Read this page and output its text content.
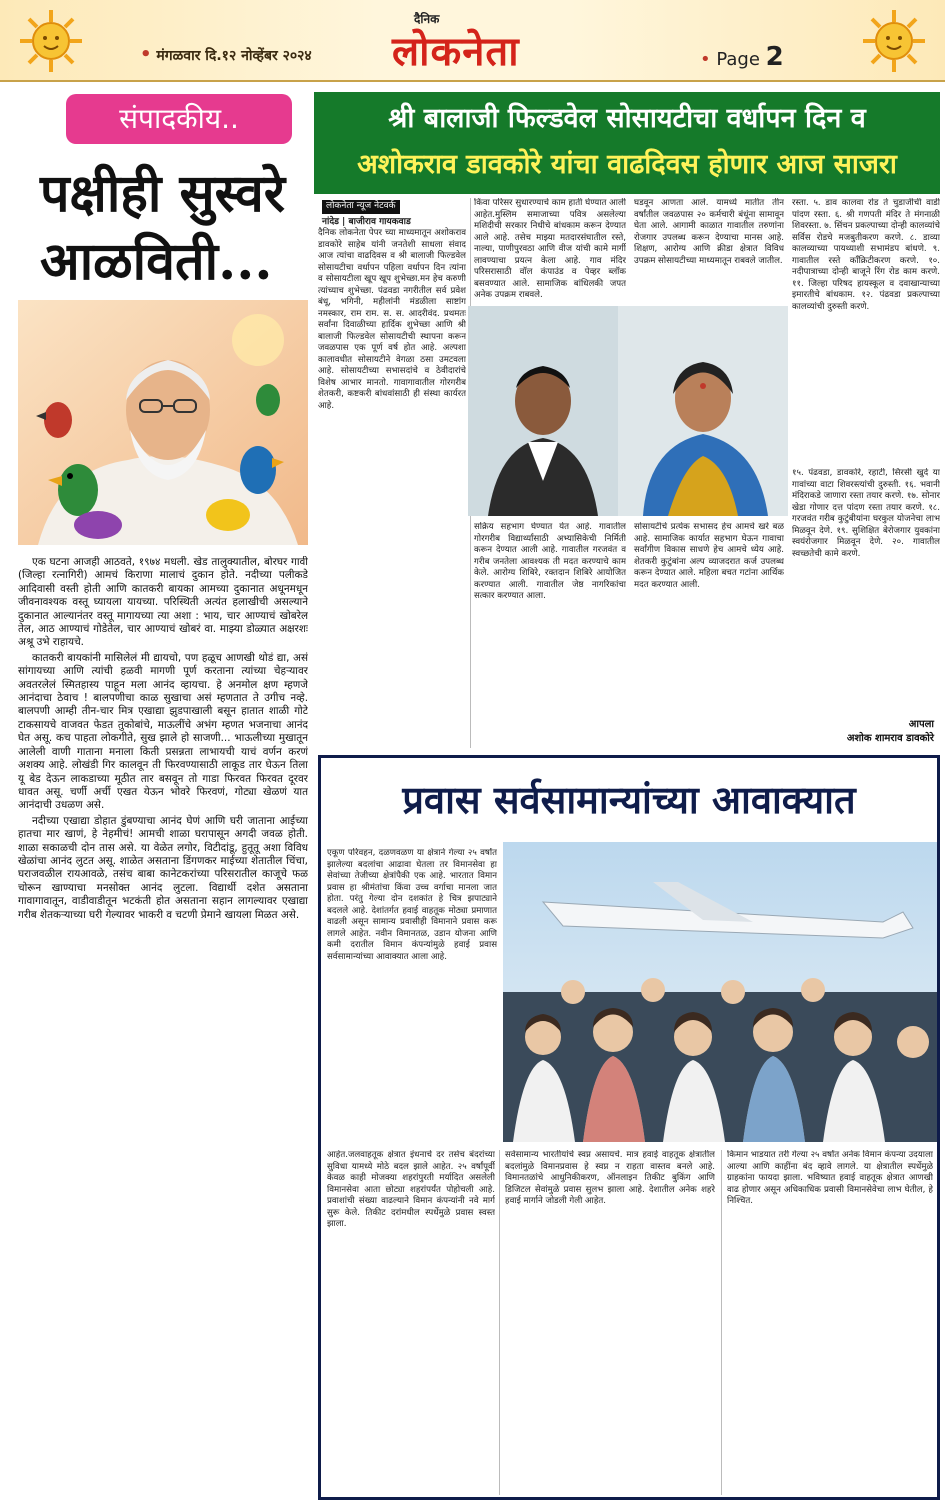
• मंगळवार दि.१२ नोव्हेंबर २०२४
दैनिक
लोकनेता	• Page 2
संपादकीय..
पक्षीही सुस्वरे
आळविती...

एक घटना आजही आठवते, १९७४ मधली. खेड तालुक्यातील, बोरघर गावी (जिल्हा रत्नागिरी) आमचं किराणा मालाचं दुकान होते. नदीच्या पलीकडे आदिवासी वस्ती होती आणि कातकरी बायका आमच्या दुकानात अधूनमधून जीवनावश्यक वस्तू घ्यायला यायच्या. परिस्थिती अत्यंत हलाखीची असल्याने दुकानात आल्यानंतर वस्तू मागायच्या त्या अशा : भाय, चार आण्याचं खोबरेल तेल, आठ आण्याचं गोडेतेल, चार आण्याचं खोबरं वा. माझ्या डोळ्यात अक्षरशः अश्रू उभे राहायचे.

कातकरी बायकांनी मासिलेलं मी द्यायचो, पण हळूच आणखी थोडं द्या, असं सांगायच्या आणि त्यांची हळवी मागणी पूर्ण करताना त्यांच्या चेहऱ्यावर अवतरलेलं स्मितहास्य पाहून मला आनंद व्हायचा. हे अनमोल क्षण म्हणजे आनंदाचा ठेवाच ! बालपणीचा काळ सुखाचा असं म्हणतात ते उगीच नव्हे. बालपणी आम्ही तीन-चार मित्र एखाद्या झुडपाखाली बसून हातात शाळी गोटे टाकसायचे वाजवत फेडत तुकोबांचे, माऊलींचे अभंग म्हणत भजनाचा आनंद घेत असू. कच पाहता लोकगीते, सुख झाले हो साजणी... भाऊलीच्या मुखातून आलेली वाणी गाताना मनाला किती प्रसन्नता लाभायची याचं वर्णन करणं अशक्य आहे. लोखंडी गिर कालवून ती फिरवण्यासाठी लाकूड तार घेऊन तिला यू बेड देऊन लाकडाच्या मूठीत तार बसवून तो गाडा फिरवत फिरवत दूरवर धावत असू. चर्णी अर्ची एखत येऊन भोवरे फिरवणं, गोट्या खेळणं यात आनंदाची उधळण असे.

नदीच्या एखाद्या डोहात डुंबण्याचा आनंद घेणं आणि घरी जाताना आईच्या हातचा मार खाणं, हे नेहमीचं! आमची शाळा घरापासून अगदी जवळ होती. शाळा सकाळची दोन तास असे. या वेळेत लगोर, विटीदांडू, हुतूतू अशा विविध खेळांचा आनंद लुटत असू. शाळेत असताना डिंगणकर माईच्या शेतातील चिंचा, घराजवळील रायआवळे, तसंच बाबा कानेटकरांच्या परिसरातील काजूचे फळ चोरून खाण्याचा मनसोक्त आनंद लुटला. विद्यार्थी दशेत असताना गावागावातून, वाडीवाडीतून भटकंती होत असताना सहान लागल्यावर एखाद्या गरीब शेतकऱ्याच्या घरी गेल्यावर भाकरी व चटणी प्रेमाने खायला मिळत असे.

श्री बालाजी फिल्डवेल सोसायटीचा वर्धापन दिन व
अशोकराव डावकोरे यांचा वाढदिवस होणार आज साजरा
लोकनेता न्यूज नेटवर्क
नांदेड | बाजीराव गायकवाड
दैनिक लोकनेता पेपर च्या माध्यमातून अशोकराव डावकोरे साहेब यांनी जनतेशी साधला संवाद आज त्यांचा वाढदिवस व श्री बालाजी फिल्डवेल सोसायटीचा वर्धापन पहिला वर्धापन दिन त्यांना व सोसायटीला खूप खूप शुभेच्छा.मन हेच करुणी त्यांच्याच शुभेच्छा. पंढवडा नगरीतील सर्व प्रवेश बंधू, भगिनी, महीलांनी मंडळीला साष्टांग नमस्कार, राम राम. स. स. आदरीवंद. प्रथमतः सर्वांना दिवाळीच्या हार्दिक शुभेच्छा आणि श्री बालाजी फिल्डवेल सोसायटीची स्थापना करून जवळपास एक पूर्ण वर्ष होत आहे. अल्पशा कालावधीत सोसायटीने वेगळा ठसा उमटवला आहे. सोसायटीच्या सभासदांचे व ठेवीदारांचे विशेष आभार मानतो. गावागावातील गोरगरीब शेतकरी, कष्टकरी बांधवांसाठी ही संस्था कार्यरत आहे.
किंवा परिसर सुधारण्याचे काम हाती घेण्यात आली आहेत.मुस्लिम समाजाच्या पवित्र असलेल्या मशिदीची सरकार निधीचे बांधकाम करून देण्यात आले आहे. तसेच माझ्या मतदारसंघातील रस्ते, नाल्या, पाणीपुरवठा आणि वीज यांची कामे मार्गी लावण्याचा प्रयत्न केला आहे. गाव मंदिर परिसरासाठी वॉल कंपाउंड व पेव्हर ब्लॉक बसवण्यात आले. सामाजिक बांधिलकी जपत अनेक उपक्रम राबवले.
घडवून आणता आले. यामध्ये मातीत तीन वर्षांतील जवळपास २० कर्मचारी बंधूंना सामावून घेता आले. आगामी काळात गावातील तरुणांना रोजगार उपलब्ध करून देण्याचा मानस आहे. शिक्षण, आरोग्य आणि क्रीडा क्षेत्रात विविध उपक्रम सोसायटीच्या माध्यमातून राबवले जातील.
रस्ता. ५. डाव कालवा रोड ते चुडाजीची वाडी पांदण रस्ता. ६. श्री गणपती मंदिर ते मंगनाळी शिवरस्ता. ७. सिंचन प्रकल्पाच्या दोन्ही कालव्यांचे सर्विस रोडचे मजबुतीकरण करणे. ८. डाव्या कालव्याच्या पायथ्याशी सभामंडप बांधणे. ९. गावातील रस्ते कॉंक्रिटीकरण करणे. १०. नदीपात्राच्या दोन्ही बाजूने रिंग रोड काम करणे. ११. जिल्हा परिषद हायस्कूल व दवाखान्याच्या इमारतीचे बांधकाम. १२. पंढवडा प्रकल्पाच्या कालव्यांची दुरुस्ती करणे.
सक्रिय सहभाग घेण्यात येत आहे. गावातील गोरगरीब विद्यार्थ्यांसाठी अभ्यासिकेची निर्मिती करून देण्यात आली आहे. गावातील गरजवंत व गरीब जनतेला आवश्यक ती मदत करण्याचे काम केले. आरोग्य शिबिरे, रक्तदान शिबिरे आयोजित करण्यात आली. गावातील जेष्ठ नागरिकांचा सत्कार करण्यात आला.
सोसायटीचे प्रत्येक सभासद हेच आमचे खरे बळ आहे. सामाजिक कार्यात सहभाग घेऊन गावाचा सर्वांगीण विकास साधणे हेच आमचे ध्येय आहे. शेतकरी कुटुंबांना अल्प व्याजदरात कर्ज उपलब्ध करून देण्यात आले. महिला बचत गटांना आर्थिक मदत करण्यात आली.
१५. पंढवडा, डावकोरे, रहाटी, सिरसी खुर्द या गावांच्या वाटा शिवरस्त्यांची दुरुस्ती. १६. भवानी मंदिराकडे जाणारा रस्ता तयार करणे. १७. सोनार खेडा गोणार दत्त पांदण रस्ता तयार करणे. १८. गरजवंत गरीब कुटुंबीयांना घरकुल योजनेचा लाभ मिळवून देणे. १९. सुशिक्षित बेरोजगार युवकांना स्वयंरोजगार मिळवून देणे. २०. गावातील स्वच्छतेची कामे करणे.
आपला
अशोक शामराव डावकोरे
प्रवास सर्वसामान्यांच्या आवाक्यात
एकूण परिवहन, दळणवळण या क्षेत्राने गेल्या २५ वर्षांत झालेल्या बदलांचा आढावा घेतला तर विमानसेवा हा सेवांच्या तेजीच्या क्षेत्रांपैकी एक आहे. भारतात विमान प्रवास हा श्रीमंतांचा किंवा उच्च वर्गाचा मानला जात होता. परंतु गेल्या दोन दशकांत हे चित्र झपाट्याने बदलले आहे. देशांतर्गत हवाई वाहतूक मोठ्या प्रमाणात वाढली असून सामान्य प्रवासीही विमानाने प्रवास करू लागले आहेत. नवीन विमानतळ, उडान योजना आणि कमी दरातील विमान कंपन्यांमुळे हवाई प्रवास सर्वसामान्यांच्या आवाक्यात आला आहे.
आहेत.जलवाहतूक क्षेत्रात इंधनाचे दर तसेच बंदरांच्या सुविधा यामध्ये मोठे बदल झाले आहेत. २५ वर्षांपूर्वी केवळ काही मोजक्या शहरांपुरती मर्यादित असलेली विमानसेवा आता छोट्या शहरांपर्यंत पोहोचली आहे. प्रवाशांची संख्या वाढल्याने विमान कंपन्यांनी नवे मार्ग सुरू केले. तिकीट दरांमधील स्पर्धेमुळे प्रवास स्वस्त झाला.
सर्वसामान्य भारतीयांचे स्वप्न असायचे. मात्र हवाई वाहतूक क्षेत्रातील बदलांमुळे विमानप्रवास हे स्वप्न न राहता वास्तव बनले आहे. विमानतळांचे आधुनिकीकरण, ऑनलाइन तिकीट बुकिंग आणि डिजिटल सेवांमुळे प्रवास सुलभ झाला आहे. देशातील अनेक शहरे हवाई मार्गाने जोडली गेली आहेत.
किमान भाडयात तरी गेल्या २५ वर्षांत अनेक विमान कंपन्या उदयाला आल्या आणि काहींना बंद व्हावे लागले. या क्षेत्रातील स्पर्धेमुळे ग्राहकांना फायदा झाला. भविष्यात हवाई वाहतूक क्षेत्रात आणखी वाढ होणार असून अधिकाधिक प्रवासी विमानसेवेचा लाभ घेतील, हे निश्चित.
